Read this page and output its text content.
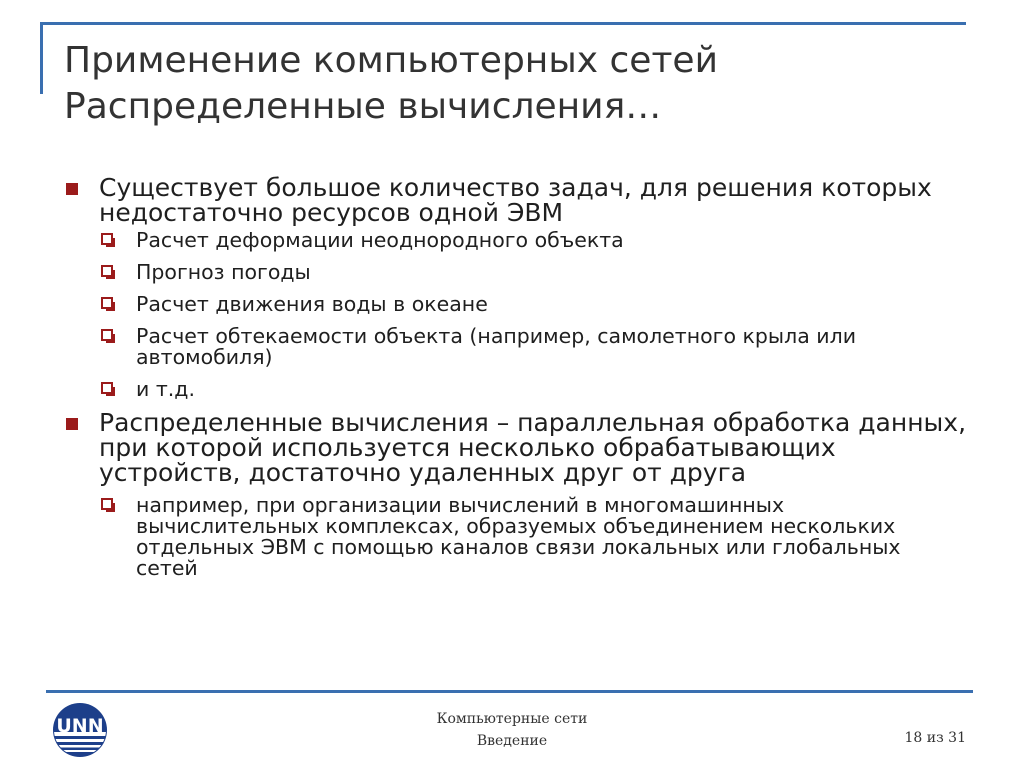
Применение компьютерных сетей
Распределенные вычисления…
Существует большое количество задач, для решения которых недостаточно ресурсов одной ЭВМ
Расчет деформации неоднородного объекта
Прогноз погоды
Расчет движения воды в океане
Расчет обтекаемости объекта (например, самолетного крыла или автомобиля)
и т.д.
Распределенные вычисления – параллельная обработка данных, при которой используется несколько обрабатывающих устройств, достаточно удаленных друг от друга
например, при организации вычислений в многомашинных вычислительных комплексах, образуемых объединением нескольких отдельных ЭВМ с помощью каналов связи локальных или глобальных сетей
UNN	Компьютерные сети
Введение	18 из 31
